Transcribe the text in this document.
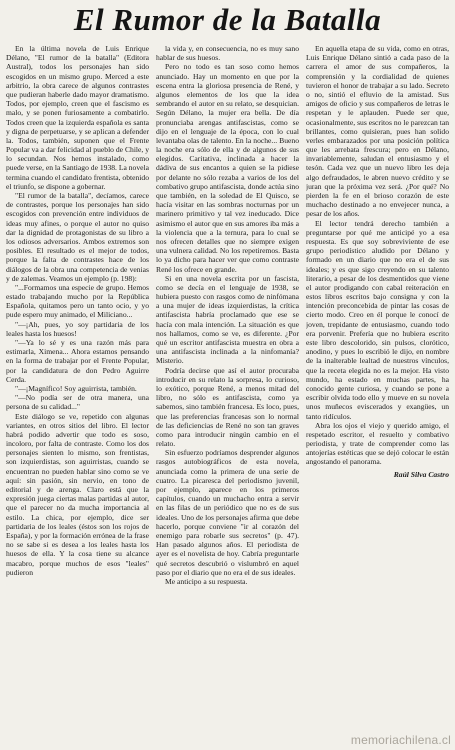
El Rumor de la Batalla

En la última novela de Luis Enrique Délano, "El rumor de la batalla" (Editora Austral), todos los personajes han sido escogidos en un mismo grupo. Merced a este arbitrio, la obra carece de algunos contrastes que pudieran haberle dado mayor dramatismo. Todos, por ejemplo, creen que el fascismo es malo, y se ponen furiosamente a combatirlo. Todos creen que la izquierda española es santa y digna de perpetuarse, y se aplican a defender la. Todos, también, suponen que el Frente Popular va a dar felicidad al pueblo de Chile, y lo secundan. Nos hemos instalado, como puede verse, en la Santiago de 1938. La novela termina cuando el candidato frentista, obtenido el triunfo, se dispone a gobernar.

"El rumor de la batalla", decíamos, carece de contrastes, porque los personajes han sido escogidos con prevención entre individuos de ideas muy afines, o porque el autor no quiso dar la dignidad de protagonistas de su libro a los odiosos adversarios. Ambos extremos son posibles. El resultado es el mejor de todos, porque la falta de contrastes hace de los diálogos de la obra una competencia de venias y de zalemas. Veamos un ejemplo (p. 198):

"...Formamos una especie de grupo. Hemos estado trabajando mucho por la República Española, quitamos pero un tanto ocio, y yo pude espero muy animado, el Miliciano...

"—¡Ah, pues, yo soy partidaria de los leales hasta los huesos!

"—Ya lo sé y es una razón más para estimarla, Ximena... Ahora estamos pensando en la forma de trabajar por el Frente Popular, por la candidatura de don Pedro Aguirre Cerda.

"—¡Magnífico! Soy aguirrista, también.

"—No podía ser de otra manera, una persona de su calidad..."

Este diálogo se ve, repetido con algunas variantes, en otros sitios del libro. El lector habrá podido advertir que todo es soso, incoloro, por falta de contraste. Como los dos personajes sienten lo mismo, son frentistas, son izquierdistas, son aguirristas, cuando se encuentran no pueden hablar sino como se ve aquí: sin pasión, sin nervio, en tono de editorial y de arenga. Claro está que la expresión juega ciertas malas partidas al autor, que el parecer no da mucha importancia al estilo. La chica, por ejemplo, dice ser partidaria de los leales (éstos son los rojos de España), y por la formación errónea de la frase no se sabe si es desea a los leales hasta los huesos de ella. Y la cosa tiene su alcance macabro, porque muchos de esos "leales" pudieron

la vida y, en consecuencia, no es muy sano hablar de sus huesos.

Pero no todo es tan soso como hemos anunciado. Hay un momento en que por la escena entra la gloriosa presencia de René, y algunos elementos de los que la idea sembrando el autor en su relato, se desquician. Según Délano, la mujer era bella. De día pronunciaba arengas antifascistas, como se dijo en el lenguaje de la época, con lo cual levantaba olas de talento. En la noche... Bueno la noche era sólo de ella y de algunos de sus elegidos. Caritativa, inclinada a hacer la dádiva de sus encantos a quien se la pidiese por delante no sólo rezaba a varios de los del combativo grupo antifascista, donde actúa sino que también, en la soledad de El Quisco, se hacía visitar en las sombras nocturnas por un marinero primitivo y tal vez ineducado. Dice asimismo el autor que en sus amores iba más a la violencia que a la ternura, para lo cual se nos ofrecen detalles que no siempre exigen una vulnera calidad. No los repetiremos. Basta lo ya dicho para hacer ver que como contraste René los ofrece en grande.

Si en una novela escrita por un fascista, como se decía en el lenguaje de 1938, se hubiera puesto con rasgos como de ninfómana a una mujer de ideas izquierdistas, la crítica antifascista habría proclamado que ese se hacía con mala intención. La situación es que nos hallamos, como se ve, es diferente. ¿Por qué un escritor antifascista muestra en obra a una antifascista inclinada a la ninfomanía? Misterio.

Podría decirse que así el autor procuraba introducir en su relato la sorpresa, lo curioso, lo exótico, porque René, a menos mitad del libro, no sólo es antifascista, como ya sabemos, sino también francesa. Es loco, pues, que las preferencias francesas son lo normal de las deficiencias de René no son tan graves como para introducir ningún cambio en el relato.

Sin esfuerzo podríamos desprender algunos rasgos autobiográficos de esta novela, anunciada como la primera de una serie de cuatro. La picaresca del periodismo juvenil, por ejemplo, aparece en los primeros capítulos, cuando un muchacho entra a servir en las filas de un periódico que no es de sus ideales. Uno de los personajes afirma que debe hacerlo, porque conviene "ir al corazón del enemigo para robarle sus secretos" (p. 47). Han pasado algunos años. El periodista de ayer es el novelista de hoy. Cabría preguntarle qué secretos descubrió o vislumbró en aquel paso por el diario que no era el de sus ideales.

Me anticipo a su respuesta.

En aquella etapa de su vida, como en otras, Luis Enrique Délano sintió a cada paso de la carrera el amor de sus compañeros, la comprensión y la cordialidad de quienes tuvieron el honor de trabajar a su lado. Secreto o no, sintió el efluvio de la amistad. Sus amigos de oficio y sus compañeros de letras le respetan y le aplauden. Puede ser que, ocasionalmente, sus escritos no le parezcan tan brillantes, como quisieran, pues han solido verles embarazados por una posición política que les arrebata frescura; pero en Délano, invariablemente, saludan el entusiasmo y el tesón. Cada vez que un nuevo libro les deja algo defraudados, le abren nuevo crédito y se juran que la próxima vez será. ¿Por qué? No pierden la fe en el brioso corazón de este muchacho destinado a no envejecer nunca, a pesar de los años.

El lector tendrá derecho también a preguntarse por qué me anticipé yo a esa respuesta. Es que soy sobreviviente de ese grupo periodístico aludido por Délano y formado en un diario que no era el de sus ideales; y es que sigo creyendo en su talento literario, a pesar de los desmentidos que viene el autor prodigando con cabal reiteración en estos libros escritos bajo consigna y con la intención preconcebida de pintar las cosas de cierto modo. Creo en él porque le conocí de joven, trepidante de entusiasmo, cuando todo era porvenir. Prefería que no hubiera escrito este libro descolorido, sin pulsos, clorótico, anodino, y pues lo escribió le dijo, en nombre de la inalterable lealtad de nuestros vínculos, que la receta elegida no es la mejor. Ha visto mundo, ha estado en muchas partes, ha conocido gente curiosa, y cuando se pone a escribir olvida todo ello y mueve en su novela unos muñecos eviscerados y exangües, un tanto ridículos.

Abra los ojos el viejo y querido amigo, el respetado escritor, el resuelto y combativo periodista, y trate de comprender como las antojerías estéticas que se dejó colocar le están angostando el panorama.

Raúl Silva Castro

memoriachilena.cl
